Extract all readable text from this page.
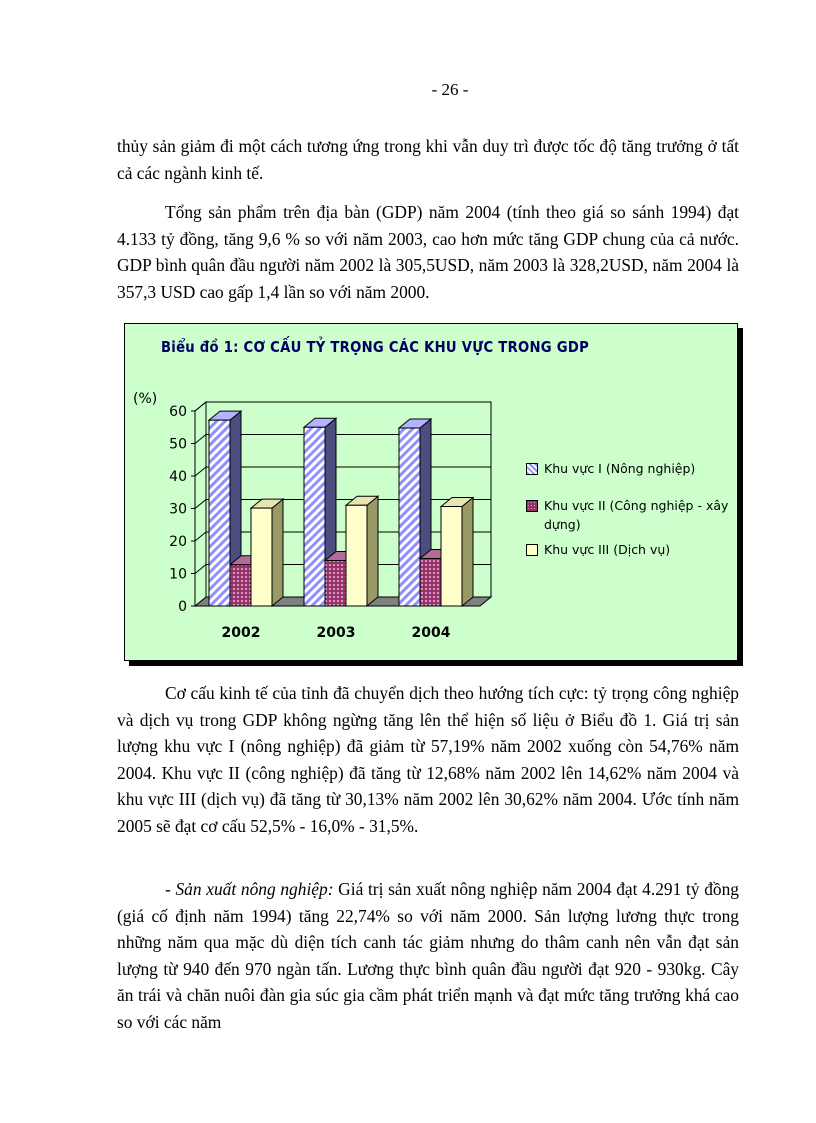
- 26 -

thủy sản giảm đi một cách tương ứng trong khi vẫn duy trì được tốc độ tăng trưởng ở tất cả các ngành kinh tế.

Tổng sản phẩm trên địa bàn (GDP) năm 2004 (tính theo giá so sánh 1994) đạt 4.133 tỷ đồng, tăng 9,6 % so với năm 2003, cao hơn mức tăng GDP chung của cả nước. GDP bình quân đầu người năm 2002 là 305,5USD, năm 2003 là 328,2USD, năm 2004 là 357,3 USD cao gấp 1,4 lần so với năm 2000.

Biểu đồ 1: CƠ CẤU TỶ TRỌNG CÁC KHU VỰC TRONG GDP
0
10
20
30
40
50
60
(%)
2002	2003	2004
Khu vực I (Nông nghiệp)
Khu vực II (Công nghiệp - xây dựng)
Khu vực III (Dịch vụ)

Cơ cấu kinh tế của tỉnh đã chuyển dịch theo hướng tích cực: tỷ trọng công nghiệp và dịch vụ trong GDP không ngừng tăng lên thể hiện số liệu ở Biểu đồ 1. Giá trị sản lượng khu vực I (nông nghiệp) đã giảm từ 57,19% năm 2002 xuống còn 54,76% năm 2004. Khu vực II (công nghiệp) đã tăng từ 12,68% năm 2002 lên 14,62% năm 2004 và khu vực III (dịch vụ) đã tăng từ 30,13% năm 2002 lên 30,62% năm 2004. Ước tính năm 2005 sẽ đạt cơ cấu 52,5% - 16,0% - 31,5%.

- Sản xuất nông nghiệp: Giá trị sản xuất nông nghiệp năm 2004 đạt 4.291 tỷ đồng (giá cố định năm 1994) tăng 22,74% so với năm 2000. Sản lượng lương thực trong những năm qua mặc dù diện tích canh tác giảm nhưng do thâm canh nên vẫn đạt sản lượng từ 940 đến 970 ngàn tấn. Lương thực bình quân đầu người đạt 920 - 930kg. Cây ăn trái và chăn nuôi đàn gia súc gia cầm phát triển mạnh và đạt mức tăng trưởng khá cao so với các năm
